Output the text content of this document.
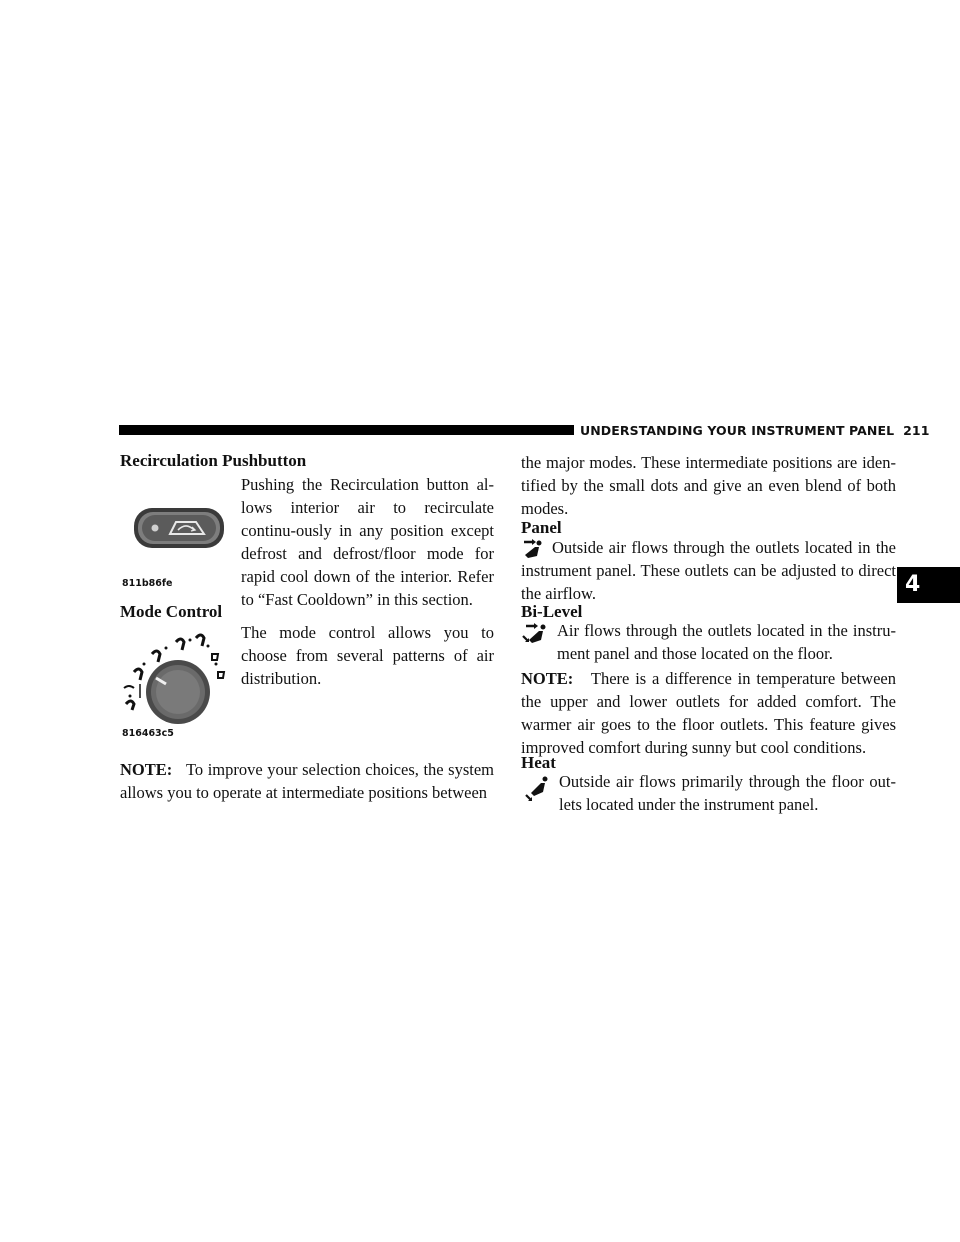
UNDERSTANDING YOUR INSTRUMENT PANEL 211
4
Recirculation Pushbutton
811b86fe
Pushing the Recirculation button al-lows interior air to recirculate continu-ously in any position except defrost and defrost/floor mode for rapid cool down of the interior. Refer to “Fast Cooldown” in this section.
Mode Control
816463c5
The mode control allows you to choose from several patterns of air distribution.
NOTE: To improve your selection choices, the system allows you to operate at intermediate positions between
the major modes. These intermediate positions are iden-tified by the small dots and give an even blend of both modes.
Panel
Outside air flows through the outlets located in the instrument panel. These outlets can be adjusted to direct the airflow.
Bi-Level
Air flows through the outlets located in the instru-ment panel and those located on the floor.
NOTE: There is a difference in temperature between the upper and lower outlets for added comfort. The warmer air goes to the floor outlets. This feature gives improved comfort during sunny but cool conditions.
Heat
Outside air flows primarily through the floor out-lets located under the instrument panel.
